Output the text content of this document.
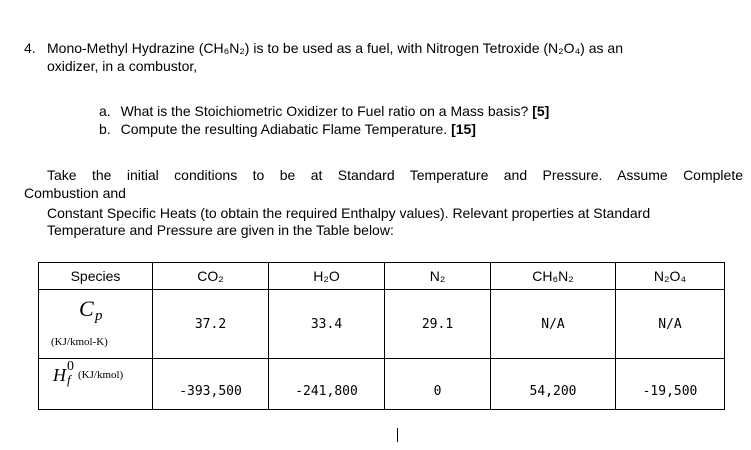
4. Mono-Methyl Hydrazine (CH₆N₂) is to be used as a fuel, with Nitrogen Tetroxide (N₂O₄) as an
oxidizer, in a combustor,
a. What is the Stoichiometric Oxidizer to Fuel ratio on a Mass basis? [5]
b. Compute the resulting Adiabatic Flame Temperature. [15]
Take the initial conditions to be at Standard Temperature and Pressure. Assume Complete
Combustion and
Constant Specific Heats (to obtain the required Enthalpy values). Relevant properties at Standard
Temperature and Pressure are given in the Table below:
Species	CO₂	H₂O	N₂	CH₆N₂	N₂O₄

C p
(KJ/kmol-K)	37.2	33.4	29.1	N/A	N/A

H 0
f (KJ/kmol)	-393,500	-241,800	0	54,200	-19,500
